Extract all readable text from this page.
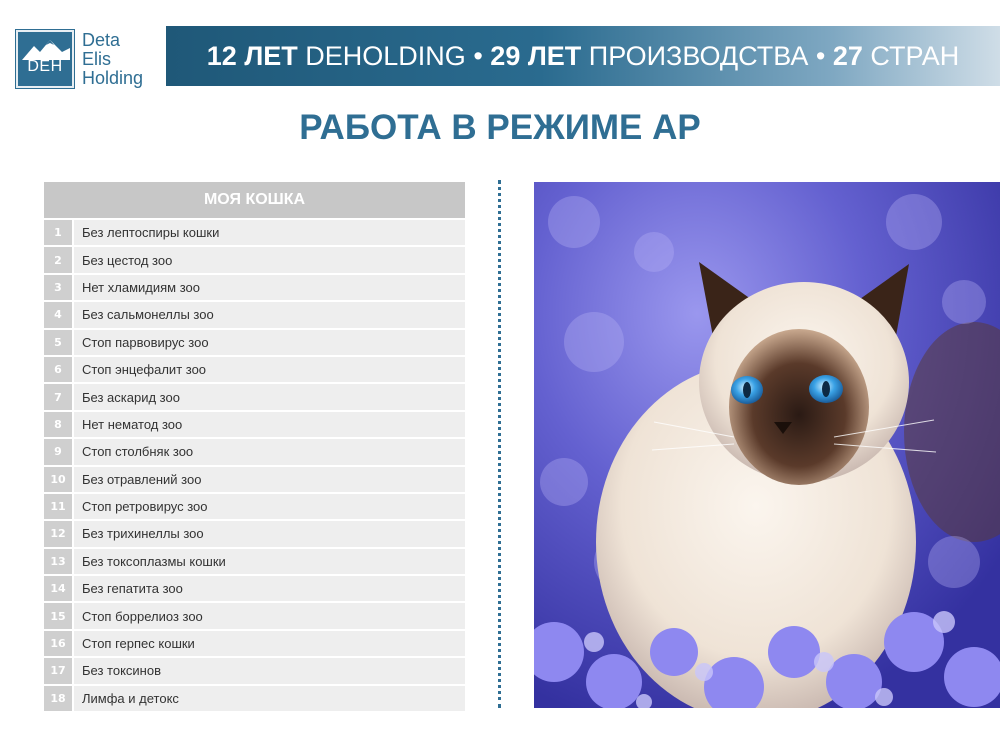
DEH
Deta
Elis
Holding
12 ЛЕТ
DEHOLDING
•
29 ЛЕТ
ПРОИЗВОДСТВА
•
27
СТРАН
РАБОТА В РЕЖИМЕ АР
МОЯ КОШКА
1	Без лептоспиры кошки
2	Без цестод зоо
3	Нет хламидиям зоо
4	Без сальмонеллы зоо
5	Стоп парвовирус зоо
6	Стоп энцефалит зоо
7	Без аскарид зоо
8	Нет нематод зоо
9	Стоп столбняк зоо
10	Без отравлений зоо
11	Стоп ретровирус зоо
12	Без трихинеллы зоо
13	Без токсоплазмы кошки
14	Без гепатита зоо
15	Стоп боррелиоз зоо
16	Стоп герпес кошки
17	Без токсинов
18	Лимфа и детокс
